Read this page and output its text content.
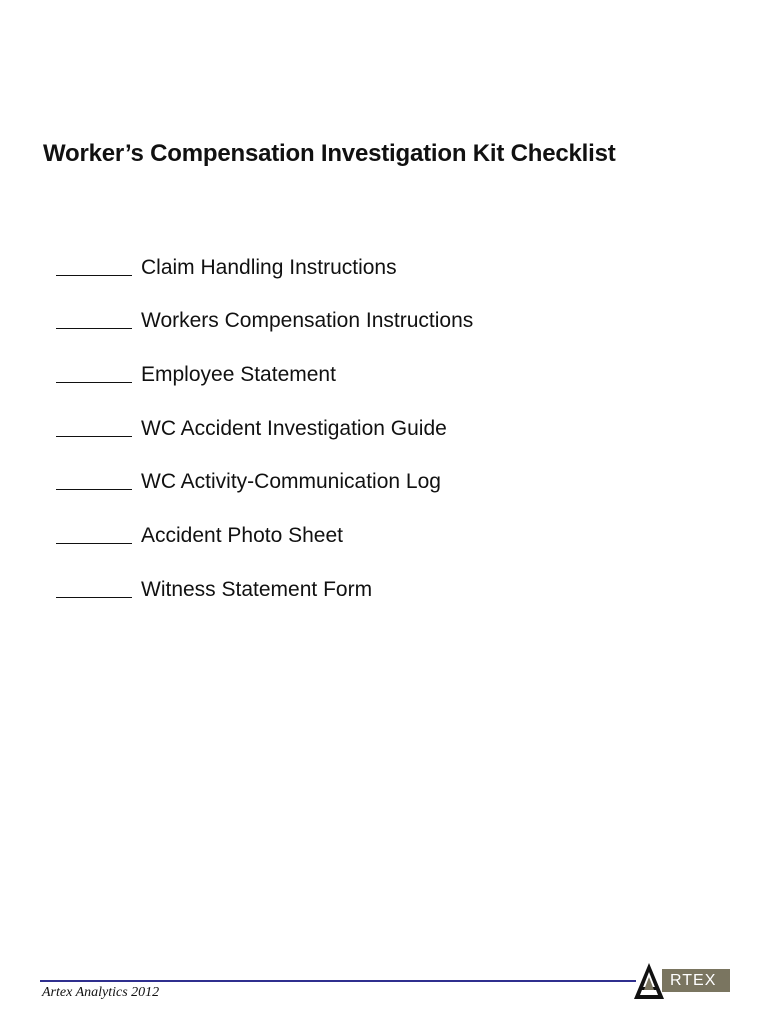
Worker’s Compensation Investigation Kit Checklist
Claim Handling Instructions
Workers Compensation Instructions
Employee Statement
WC Accident Investigation Guide
WC Activity-Communication Log
Accident Photo Sheet
Witness Statement Form
Artex Analytics 2012
RTEX
